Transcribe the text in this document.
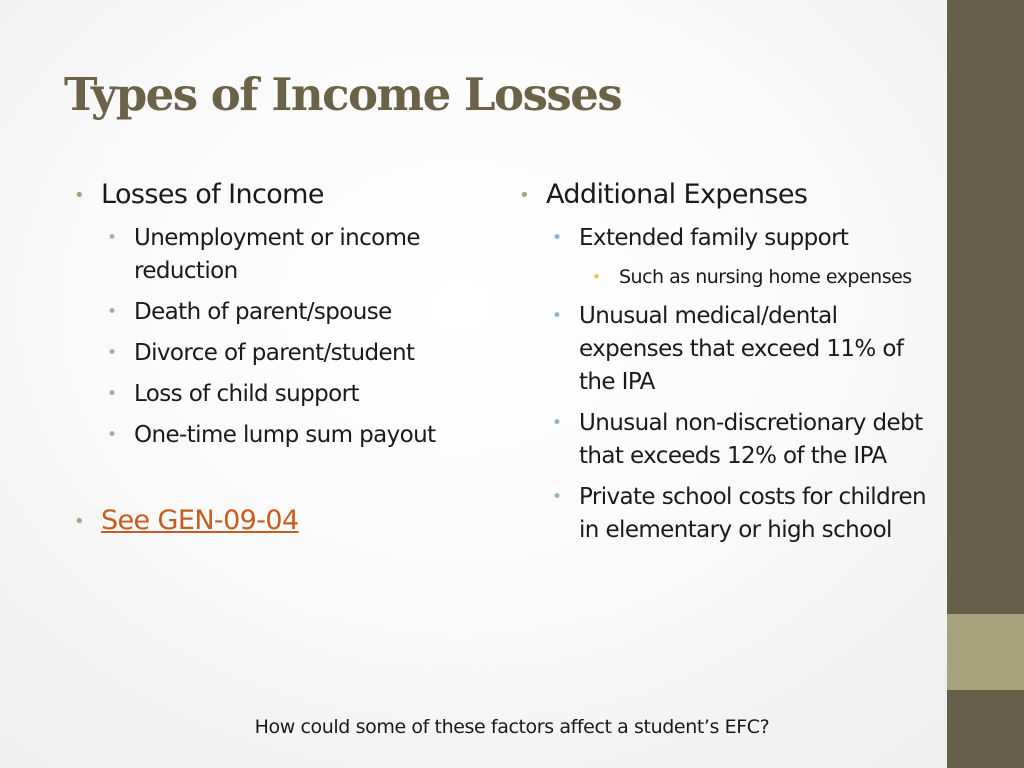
Types of Income Losses
• Losses of Income
• Unemployment or income reduction
• Death of parent/spouse
• Divorce of parent/student
• Loss of child support
• One-time lump sum payout
• See GEN-09-04
• Additional Expenses
• Extended family support
• Such as nursing home expenses
• Unusual medical/dental expenses that exceed 11% of the IPA
• Unusual non-discretionary debt that exceeds 12% of the IPA
• Private school costs for children in elementary or high school
How could some of these factors affect a student’s EFC?
